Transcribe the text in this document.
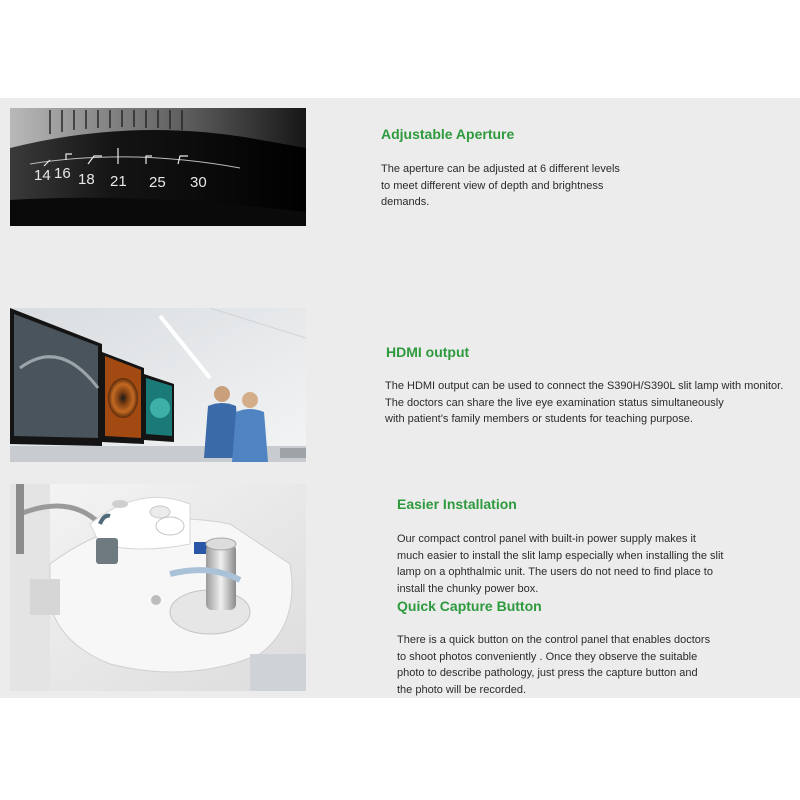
14 16 18 21 25 30
Adjustable Aperture

The aperture can be adjusted at 6 different levels
to meet different view of depth and brightness
demands.

HDMI output

The HDMI output can be used to connect the S390H/S390L slit lamp with monitor.
The doctors can share the live eye examination status simultaneously
with patient’s family members or students for teaching purpose.

Easier Installation

Our compact control panel with built-in power supply makes it
much easier to install the slit lamp especially when installing the slit
lamp on a ophthalmic unit. The users do not need to find place to
install the chunky power box.

Quick Capture Button

There is a quick button on the control panel that enables doctors
to shoot photos conveniently . Once they observe the suitable
photo to describe pathology, just press the capture button and
the photo will be recorded.
